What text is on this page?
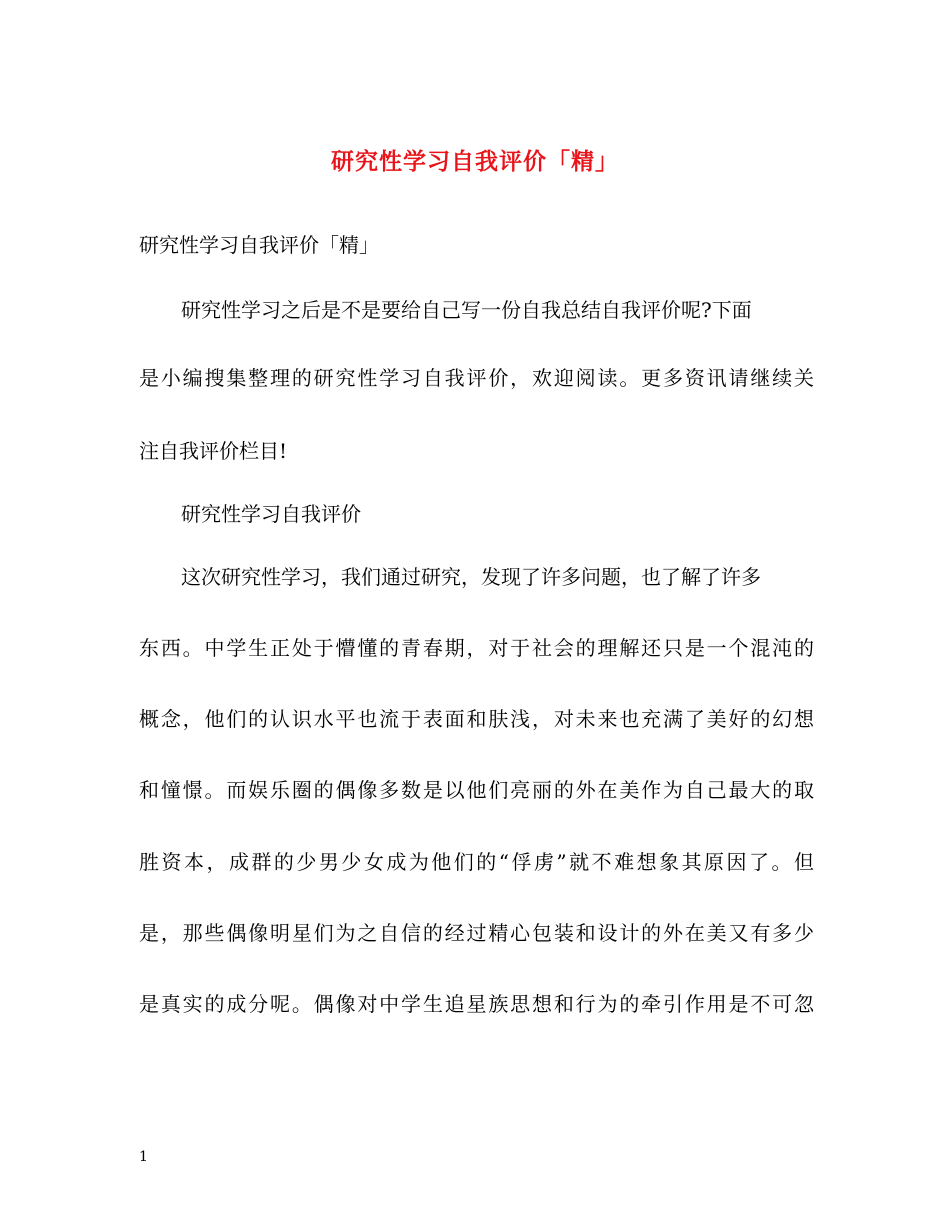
研究性学习自我评价「精」
研究性学习自我评价「精」
研究性学习之后是不是要给自己写一份自我总结自我评价呢?下面
是小编搜集整理的研究性学习自我评价，欢迎阅读。更多资讯请继续关
注自我评价栏目!
研究性学习自我评价
这次研究性学习，我们通过研究，发现了许多问题，也了解了许多
东西。中学生正处于懵懂的青春期，对于社会的理解还只是一个混沌的
概念，他们的认识水平也流于表面和肤浅，对未来也充满了美好的幻想
和憧憬。而娱乐圈的偶像多数是以他们亮丽的外在美作为自己最大的取
胜资本，成群的少男少女成为他们的“俘虏”就不难想象其原因了。但
是，那些偶像明星们为之自信的经过精心包装和设计的外在美又有多少
是真实的成分呢。偶像对中学生追星族思想和行为的牵引作用是不可忽
1
